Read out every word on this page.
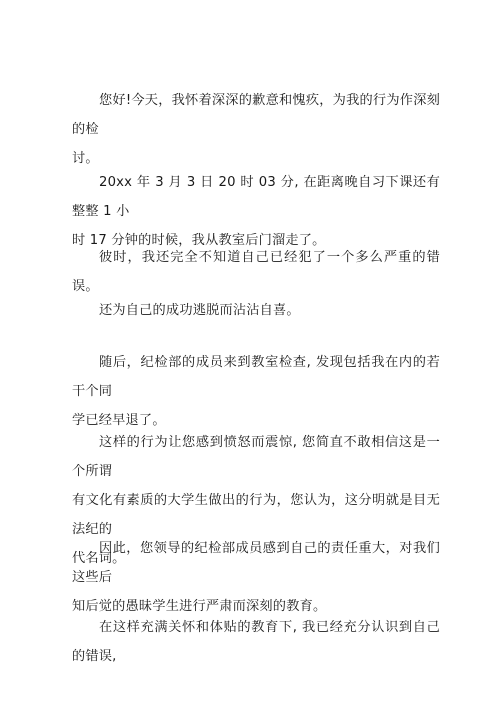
您好!今天，我怀着深深的歉意和愧疚，为我的行为作深刻的检
讨。

20xx 年 3 月 3 日 20 时 03 分, 在距离晚自习下课还有整整 1 小
时 17 分钟的时候，我从教室后门溜走了。

彼时，我还完全不知道自己已经犯了一个多么严重的错误。

还为自己的成功逃脱而沾沾自喜。

随后，纪检部的成员来到教室检查, 发现包括我在内的若干个同
学已经早退了。

这样的行为让您感到愤怒而震惊, 您简直不敢相信这是一个所谓
有文化有素质的大学生做出的行为，您认为，这分明就是目无法纪的
代名词。

因此，您领导的纪检部成员感到自己的责任重大，对我们这些后
知后觉的愚昧学生进行严肃而深刻的教育。

在这样充满关怀和体贴的教育下, 我已经充分认识到自己的错误,
